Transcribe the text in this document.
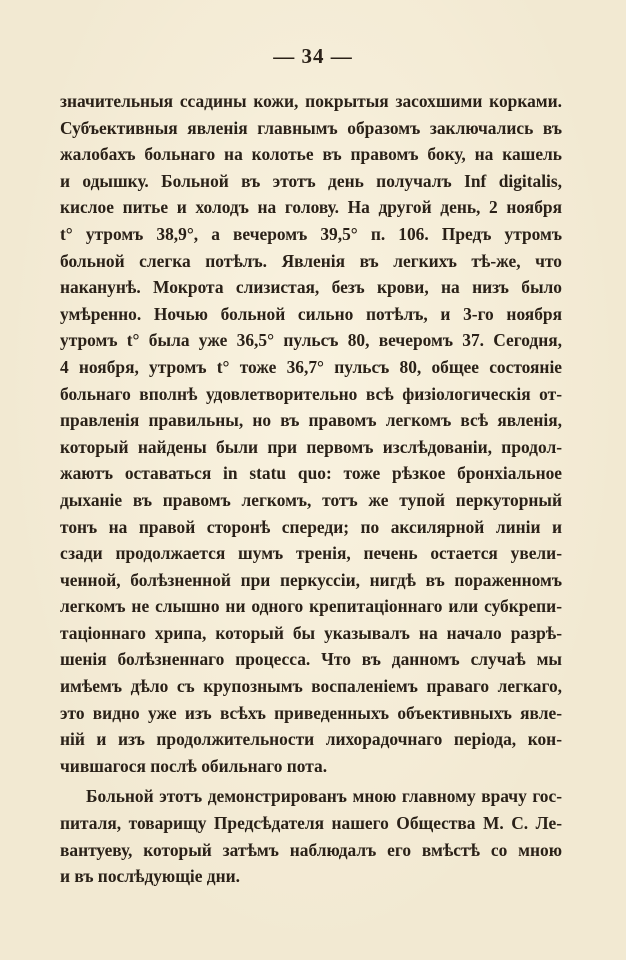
— 34 —
значительныя ссадины кожи, покрытыя засохшими корками.
Субъективныя явленія главнымъ образомъ заключались въ
жалобахъ больнаго на колотье въ правомъ боку, на кашель
и одышку. Больной въ этотъ день получалъ Inf digitalis,
кислое питье и холодъ на голову. На другой день, 2 ноября
t° утромъ 38,9°, а вечеромъ 39,5° п. 106. Предъ утромъ
больной слегка потѣлъ. Явленія въ легкихъ тѣ-же, что
наканунѣ. Мокрота слизистая, безъ крови, на низъ было
умѣренно. Ночью больной сильно потѣлъ, и 3-го ноября
утромъ t° была уже 36,5° пульсъ 80, вечеромъ 37. Сегодня,
4 ноября, утромъ t° тоже 36,7° пульсъ 80, общее состояніе
больнаго вполнѣ удовлетворительно всѣ физіологическія от-
правленія правильны, но въ правомъ легкомъ всѣ явленія,
который найдены были при первомъ изслѣдованіи, продол-
жаютъ оставаться in statu quo: тоже рѣзкое бронхіальное
дыханіе въ правомъ легкомъ, тотъ же тупой перкуторный
тонъ на правой сторонѣ спереди; по аксилярной линіи и
сзади продолжается шумъ тренія, печень остается увели-
ченной, болѣзненной при перкуссіи, нигдѣ въ пораженномъ
легкомъ не слышно ни одного крепитаціоннаго или субкрепи-
таціоннаго хрипа, который бы указывалъ на начало разрѣ-
шенія болѣзненнаго процесса. Что въ данномъ случаѣ мы
имѣемъ дѣло съ крупознымъ воспаленіемъ праваго легкаго,
это видно уже изъ всѣхъ приведенныхъ объективныхъ явле-
ній и изъ продолжительности лихорадочнаго періода, кон-
чившагося послѣ обильнаго пота.
Больной этотъ демонстрированъ мною главному врачу гос-
питаля, товарищу Предсѣдателя нашего Общества М. С. Ле-
вантуеву, который затѣмъ наблюдалъ его вмѣстѣ со мною
и въ послѣдующіе дни.
